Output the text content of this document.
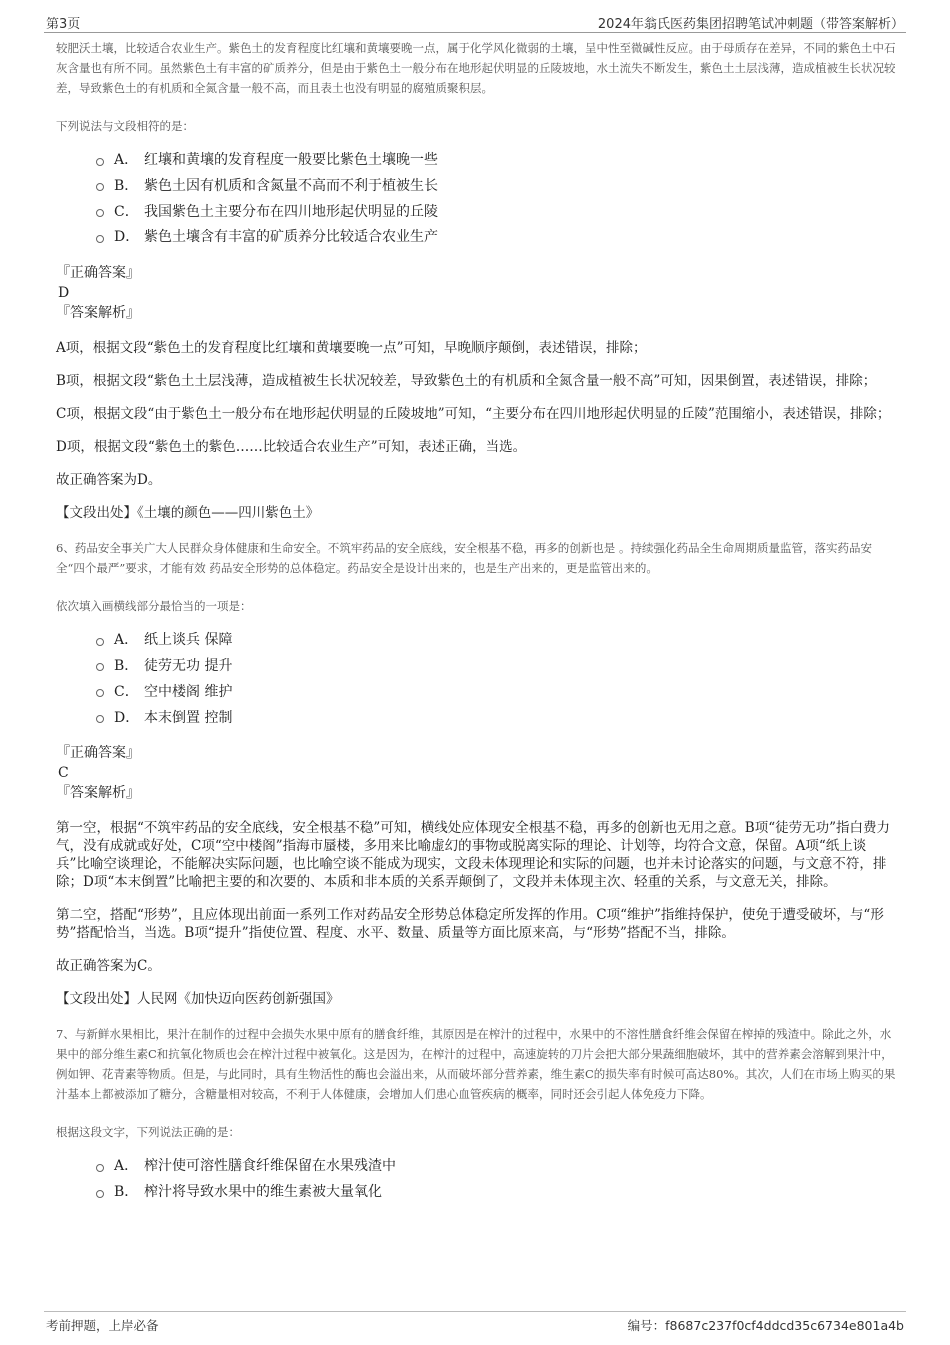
第3页	2024年翁氏医药集团招聘笔试冲刺题（带答案解析）

较肥沃土壤，比较适合农业生产。紫色土的发育程度比红壤和黄壤要晚一点，属于化学风化微弱的土壤，呈中性至微碱性反应。由于母质存在差异，不同的紫色土中石灰含量也有所不同。虽然紫色土有丰富的矿质养分，但是由于紫色土一般分布在地形起伏明显的丘陵坡地，水土流失不断发生，紫色土土层浅薄，造成植被生长状况较差，导致紫色土的有机质和全氮含量一般不高，而且表土也没有明显的腐殖质聚积层。

下列说法与文段相符的是：

A． 红壤和黄壤的发育程度一般要比紫色土壤晚一些
B． 紫色土因有机质和含氮量不高而不利于植被生长
C． 我国紫色土主要分布在四川地形起伏明显的丘陵
D． 紫色土壤含有丰富的矿质养分比较适合农业生产

『正确答案』

D

『答案解析』

A项，根据文段“紫色土的发育程度比红壤和黄壤要晚一点”可知，早晚顺序颠倒，表述错误，排除；

B项，根据文段“紫色土土层浅薄，造成植被生长状况较差，导致紫色土的有机质和全氮含量一般不高”可知，因果倒置，表述错误，排除；

C项，根据文段“由于紫色土一般分布在地形起伏明显的丘陵坡地”可知，“主要分布在四川地形起伏明显的丘陵”范围缩小，表述错误，排除；

D项，根据文段“紫色土的紫色……比较适合农业生产”可知，表述正确，当选。

故正确答案为D。

【文段出处】《土壤的颜色——四川紫色土》

6、药品安全事关广大人民群众身体健康和生命安全。不筑牢药品的安全底线，安全根基不稳，再多的创新也是 。持续强化药品全生命周期质量监管，落实药品安全“四个最严”要求，才能有效 药品安全形势的总体稳定。药品安全是设计出来的，也是生产出来的，更是监管出来的。

依次填入画横线部分最恰当的一项是：

A． 纸上谈兵 保障
B． 徒劳无功 提升
C． 空中楼阁 维护
D． 本末倒置 控制

『正确答案』

C

『答案解析』

第一空，根据“不筑牢药品的安全底线，安全根基不稳”可知，横线处应体现安全根基不稳，再多的创新也无用之意。B项“徒劳无功”指白费力气，没有成就或好处，C项“空中楼阁”指海市蜃楼，多用来比喻虚幻的事物或脱离实际的理论、计划等，均符合文意，保留。A项“纸上谈兵”比喻空谈理论，不能解决实际问题，也比喻空谈不能成为现实，文段未体现理论和实际的问题，也并未讨论落实的问题，与文意不符，排除；D项“本末倒置”比喻把主要的和次要的、本质和非本质的关系弄颠倒了，文段并未体现主次、轻重的关系，与文意无关，排除。

第二空，搭配“形势”，且应体现出前面一系列工作对药品安全形势总体稳定所发挥的作用。C项“维护”指维持保护，使免于遭受破坏，与“形势”搭配恰当，当选。B项“提升”指使位置、程度、水平、数量、质量等方面比原来高，与“形势”搭配不当，排除。

故正确答案为C。

【文段出处】人民网《加快迈向医药创新强国》

7、与新鲜水果相比，果汁在制作的过程中会损失水果中原有的膳食纤维，其原因是在榨汁的过程中，水果中的不溶性膳食纤维会保留在榨掉的残渣中。除此之外，水果中的部分维生素C和抗氧化物质也会在榨汁过程中被氧化。这是因为，在榨汁的过程中，高速旋转的刀片会把大部分果蔬细胞破坏，其中的营养素会溶解到果汁中，例如钾、花青素等物质。但是，与此同时，具有生物活性的酶也会溢出来，从而破坏部分营养素，维生素C的损失率有时候可高达80%。其次，人们在市场上购买的果汁基本上都被添加了糖分，含糖量相对较高，不利于人体健康，会增加人们患心血管疾病的概率，同时还会引起人体免疫力下降。

根据这段文字，下列说法正确的是：

A． 榨汁使可溶性膳食纤维保留在水果残渣中
B． 榨汁将导致水果中的维生素被大量氧化
考前押题，上岸必备	编号：f8687c237f0cf4ddcd35c6734e801a4b
